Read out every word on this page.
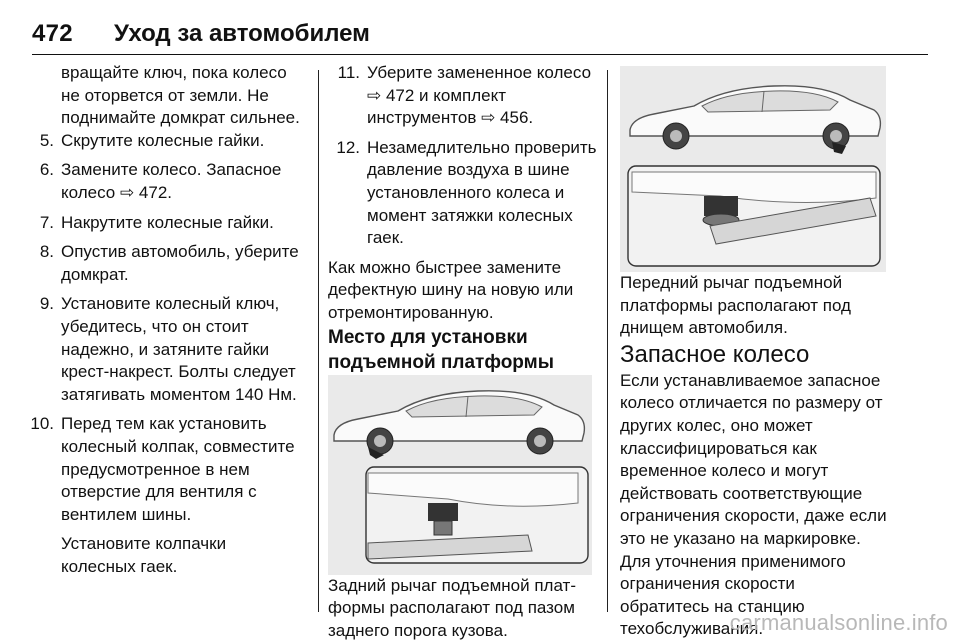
472 Уход за автомобилем

вращайте ключ, пока колесо не оторвется от земли. Не поднимайте домкрат сильнее.

5. Скрутите колесные гайки.
6. Замените колесо. Запасное колесо ⇨ 472.
7. Накрутите колесные гайки.
8. Опустив автомобиль, уберите домкрат.
9. Установите колесный ключ, убедитесь, что он стоит надежно, и затяните гайки крест-накрест. Болты следует затягивать моментом 140 Нм.
10. Перед тем как установить колесный колпак, совместите предусмотренное в нем отверстие для вентиля с вентилем шины.

Установите колпачки колесных гаек.

11. Уберите замененное колесо ⇨ 472 и комплект инструментов ⇨ 456.
12. Незамедлительно проверить давление воздуха в шине установленного колеса и момент затяжки колесных гаек.

Как можно быстрее замените дефектную шину на новую или отремонтированную.

Место для установки подъемной платформы

Задний рычаг подъемной платформы располагают под пазом заднего порога кузова.

Передний рычаг подъемной платформы располагают под днищем автомобиля.

Запасное колесо

Если устанавливаемое запасное колесо отличается по размеру от других колес, оно может классифицироваться как временное колесо и могут действовать соответствующие ограничения скорости, даже если это не указано на маркировке. Для уточнения применимого ограничения скорости обратитесь на станцию техобслуживания.

carmanualsonline.info
